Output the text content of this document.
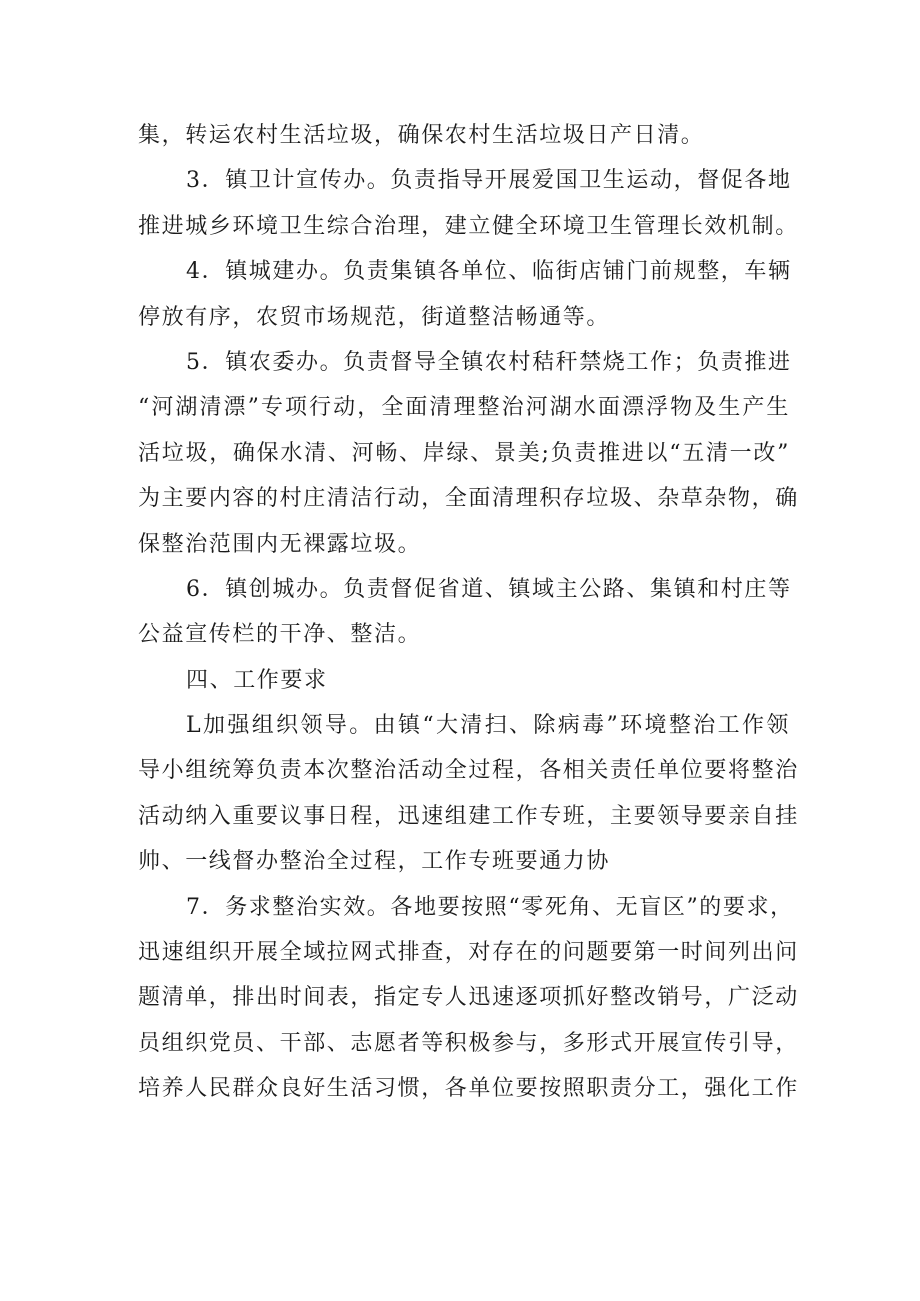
集，转运农村生活垃圾，确保农村生活垃圾日产日清。
3．镇卫计宣传办。负责指导开展爱国卫生运动，督促各地
推进城乡环境卫生综合治理，建立健全环境卫生管理长效机制。
4．镇城建办。负责集镇各单位、临街店铺门前规整，车辆
停放有序，农贸市场规范，街道整洁畅通等。
5．镇农委办。负责督导全镇农村秸秆禁烧工作；负责推进
“河湖清漂”专项行动，全面清理整治河湖水面漂浮物及生产生
活垃圾，确保水清、河畅、岸绿、景美;负责推进以“五清一改”
为主要内容的村庄清洁行动，全面清理积存垃圾、杂草杂物，确
保整治范围内无裸露垃圾。
6．镇创城办。负责督促省道、镇域主公路、集镇和村庄等
公益宣传栏的干净、整洁。
四、工作要求
L加强组织领导。由镇“大清扫、除病毒”环境整治工作领
导小组统筹负责本次整治活动全过程，各相关责任单位要将整治
活动纳入重要议事日程，迅速组建工作专班，主要领导要亲自挂
帅、一线督办整治全过程，工作专班要通力协
7．务求整治实效。各地要按照“零死角、无盲区”的要求，
迅速组织开展全域拉网式排查，对存在的问题要第一时间列出问
题清单，排出时间表，指定专人迅速逐项抓好整改销号，广泛动
员组织党员、干部、志愿者等积极参与，多形式开展宣传引导，
培养人民群众良好生活习惯，各单位要按照职责分工，强化工作
